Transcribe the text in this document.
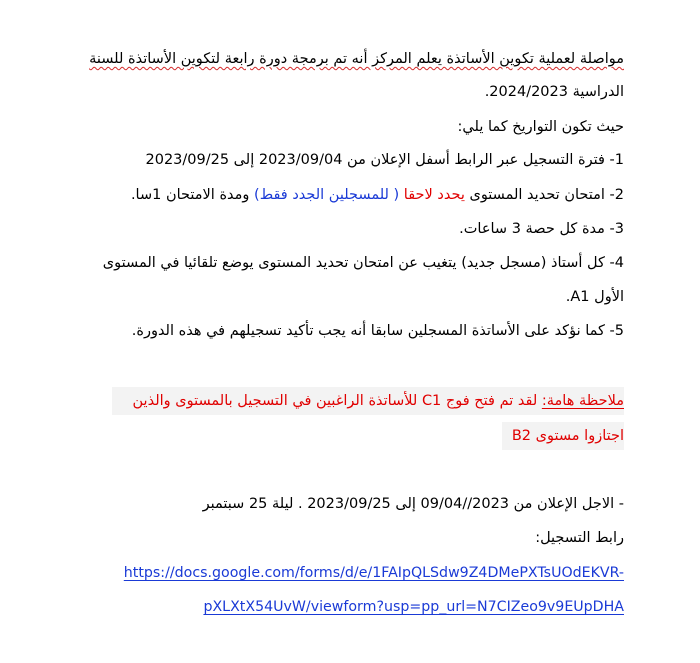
مواصلة لعملية تكوين الأساتذة يعلم المركز أنه تم برمجة دورة رابعة لتكوين الأساتذة للسنة
الدراسية 2024/2023.
حيث تكون التواريخ كما يلي:
1- فترة التسجيل عبر الرابط أسفل الإعلان من 2023/09/04 إلى 2023/09/25
2- امتحان تحديد المستوى يحدد لاحقا ( للمسجلين الجدد فقط) ومدة الامتحان 1سا.
3- مدة كل حصة 3 ساعات.
4- كل أستاذ (مسجل جديد) يتغيب عن امتحان تحديد المستوى يوضع تلقائيا في المستوى
الأول A1.
5- كما نؤكد على الأساتذة المسجلين سابقا أنه يجب تأكيد تسجيلهم في هذه الدورة.
ملاحظة هامة: لقد تم فتح فوج C1 للأساتذة الراغبين في التسجيل بالمستوى والذين
اجتازوا مستوى B2
- الاجل الإعلان من 2023//09/04 إلى 2023/09/25 . ليلة 25 سبتمبر
رابط التسجيل:
https://docs.google.com/forms/d/e/1FAIpQLSdw9Z4DMePXTsUOdEKVR-
pXLXtX54UvW/viewform?usp=pp_url=N7CIZeo9v9EUpDHA
